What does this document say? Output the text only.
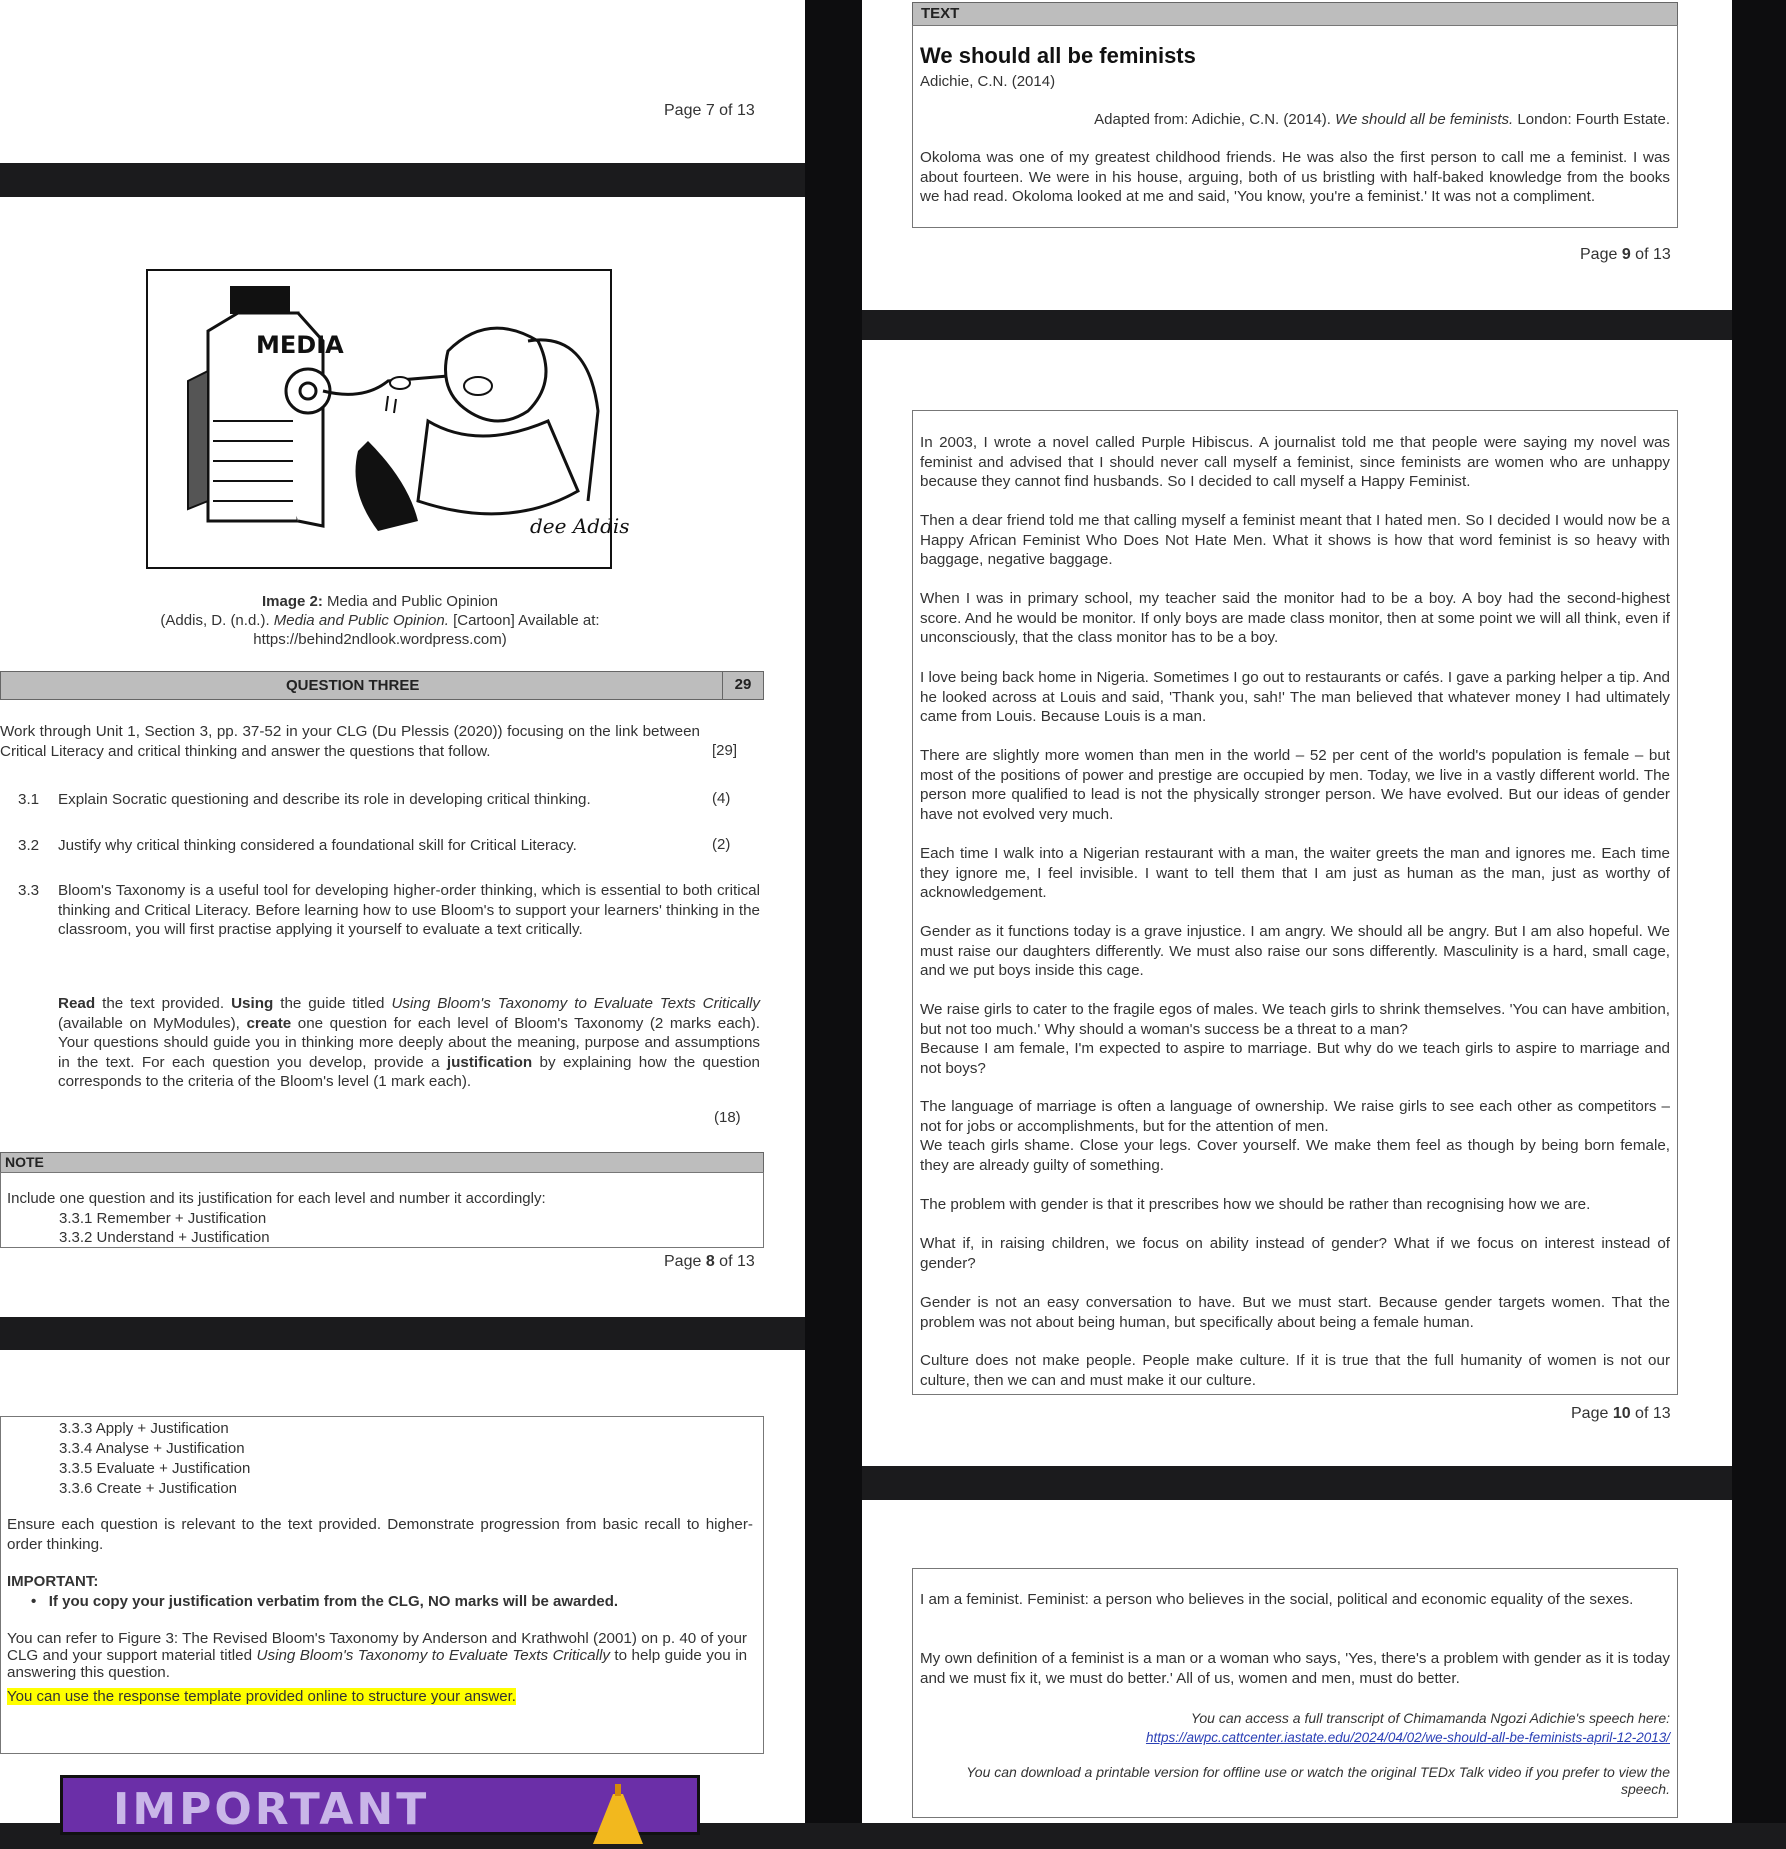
Page 7 of 13
MEDIA
dee Addis
Image 2: Media and Public Opinion
(Addis, D. (n.d.). Media and Public Opinion. [Cartoon] Available at:
https://behind2ndlook.wordpress.com)
QUESTION THREE	29
Work through Unit 1, Section 3, pp. 37-52 in your CLG (Du Plessis (2020)) focusing on the link between Critical Literacy and critical thinking and answer the questions that follow.	[29]
3.1 Explain Socratic questioning and describe its role in developing critical thinking.	(4)
3.2 Justify why critical thinking considered a foundational skill for Critical Literacy.	(2)
3.3 Bloom's Taxonomy is a useful tool for developing higher-order thinking, which is essential to both critical thinking and Critical Literacy. Before learning how to use Bloom's to support your learners' thinking in the classroom, you will first practise applying it yourself to evaluate a text critically.
Read the text provided. Using the guide titled Using Bloom's Taxonomy to Evaluate Texts Critically (available on MyModules), create one question for each level of Bloom's Taxonomy (2 marks each). Your questions should guide you in thinking more deeply about the meaning, purpose and assumptions in the text. For each question you develop, provide a justification by explaining how the question corresponds to the criteria of the Bloom's level (1 mark each).
(18)
NOTE
Include one question and its justification for each level and number it accordingly:
3.3.1 Remember + Justification
3.3.2 Understand + Justification
Page 8 of 13
3.3.3 Apply + Justification
3.3.4 Analyse + Justification
3.3.5 Evaluate + Justification
3.3.6 Create + Justification
Ensure each question is relevant to the text provided. Demonstrate progression from basic recall to higher-order thinking.
IMPORTANT:
•   If you copy your justification verbatim from the CLG, NO marks will be awarded.
You can refer to Figure 3: The Revised Bloom's Taxonomy by Anderson and Krathwohl (2001) on p. 40 of your CLG and your support material titled Using Bloom's Taxonomy to Evaluate Texts Critically to help guide you in answering this question.
You can use the response template provided online to structure your answer.
IMPORTANT
TEXT
We should all be feminists
Adichie, C.N. (2014)
Adapted from: Adichie, C.N. (2014). We should all be feminists. London: Fourth Estate.
Okoloma was one of my greatest childhood friends. He was also the first person to call me a feminist. I was about fourteen. We were in his house, arguing, both of us bristling with half-baked knowledge from the books we had read. Okoloma looked at me and said, 'You know, you're a feminist.' It was not a compliment.
Page 9 of 13
In 2003, I wrote a novel called Purple Hibiscus. A journalist told me that people were saying my novel was feminist and advised that I should never call myself a feminist, since feminists are women who are unhappy because they cannot find husbands. So I decided to call myself a Happy Feminist.
Then a dear friend told me that calling myself a feminist meant that I hated men. So I decided I would now be a Happy African Feminist Who Does Not Hate Men. What it shows is how that word feminist is so heavy with baggage, negative baggage.
When I was in primary school, my teacher said the monitor had to be a boy. A boy had the second-highest score. And he would be monitor. If only boys are made class monitor, then at some point we will all think, even if unconsciously, that the class monitor has to be a boy.
I love being back home in Nigeria. Sometimes I go out to restaurants or cafés. I gave a parking helper a tip. And he looked across at Louis and said, 'Thank you, sah!' The man believed that whatever money I had ultimately came from Louis. Because Louis is a man.
There are slightly more women than men in the world – 52 per cent of the world's population is female – but most of the positions of power and prestige are occupied by men. Today, we live in a vastly different world. The person more qualified to lead is not the physically stronger person. We have evolved. But our ideas of gender have not evolved very much.
Each time I walk into a Nigerian restaurant with a man, the waiter greets the man and ignores me. Each time they ignore me, I feel invisible. I want to tell them that I am just as human as the man, just as worthy of acknowledgement.
Gender as it functions today is a grave injustice. I am angry. We should all be angry. But I am also hopeful. We must raise our daughters differently. We must also raise our sons differently. Masculinity is a hard, small cage, and we put boys inside this cage.
We raise girls to cater to the fragile egos of males. We teach girls to shrink themselves. 'You can have ambition, but not too much.' Why should a woman's success be a threat to a man?
Because I am female, I'm expected to aspire to marriage. But why do we teach girls to aspire to marriage and not boys?
The language of marriage is often a language of ownership. We raise girls to see each other as competitors – not for jobs or accomplishments, but for the attention of men.
We teach girls shame. Close your legs. Cover yourself. We make them feel as though by being born female, they are already guilty of something.
The problem with gender is that it prescribes how we should be rather than recognising how we are.
What if, in raising children, we focus on ability instead of gender? What if we focus on interest instead of gender?
Gender is not an easy conversation to have. But we must start. Because gender targets women. That the problem was not about being human, but specifically about being a female human.
Culture does not make people. People make culture. If it is true that the full humanity of women is not our culture, then we can and must make it our culture.
Page 10 of 13
I am a feminist. Feminist: a person who believes in the social, political and economic equality of the sexes.
My own definition of a feminist is a man or a woman who says, 'Yes, there's a problem with gender as it is today and we must fix it, we must do better.' All of us, women and men, must do better.
You can access a full transcript of Chimamanda Ngozi Adichie's speech here:
https://awpc.cattcenter.iastate.edu/2024/04/02/we-should-all-be-feminists-april-12-2013/
You can download a printable version for offline use or watch the original TEDx Talk video if you prefer to view the speech.
